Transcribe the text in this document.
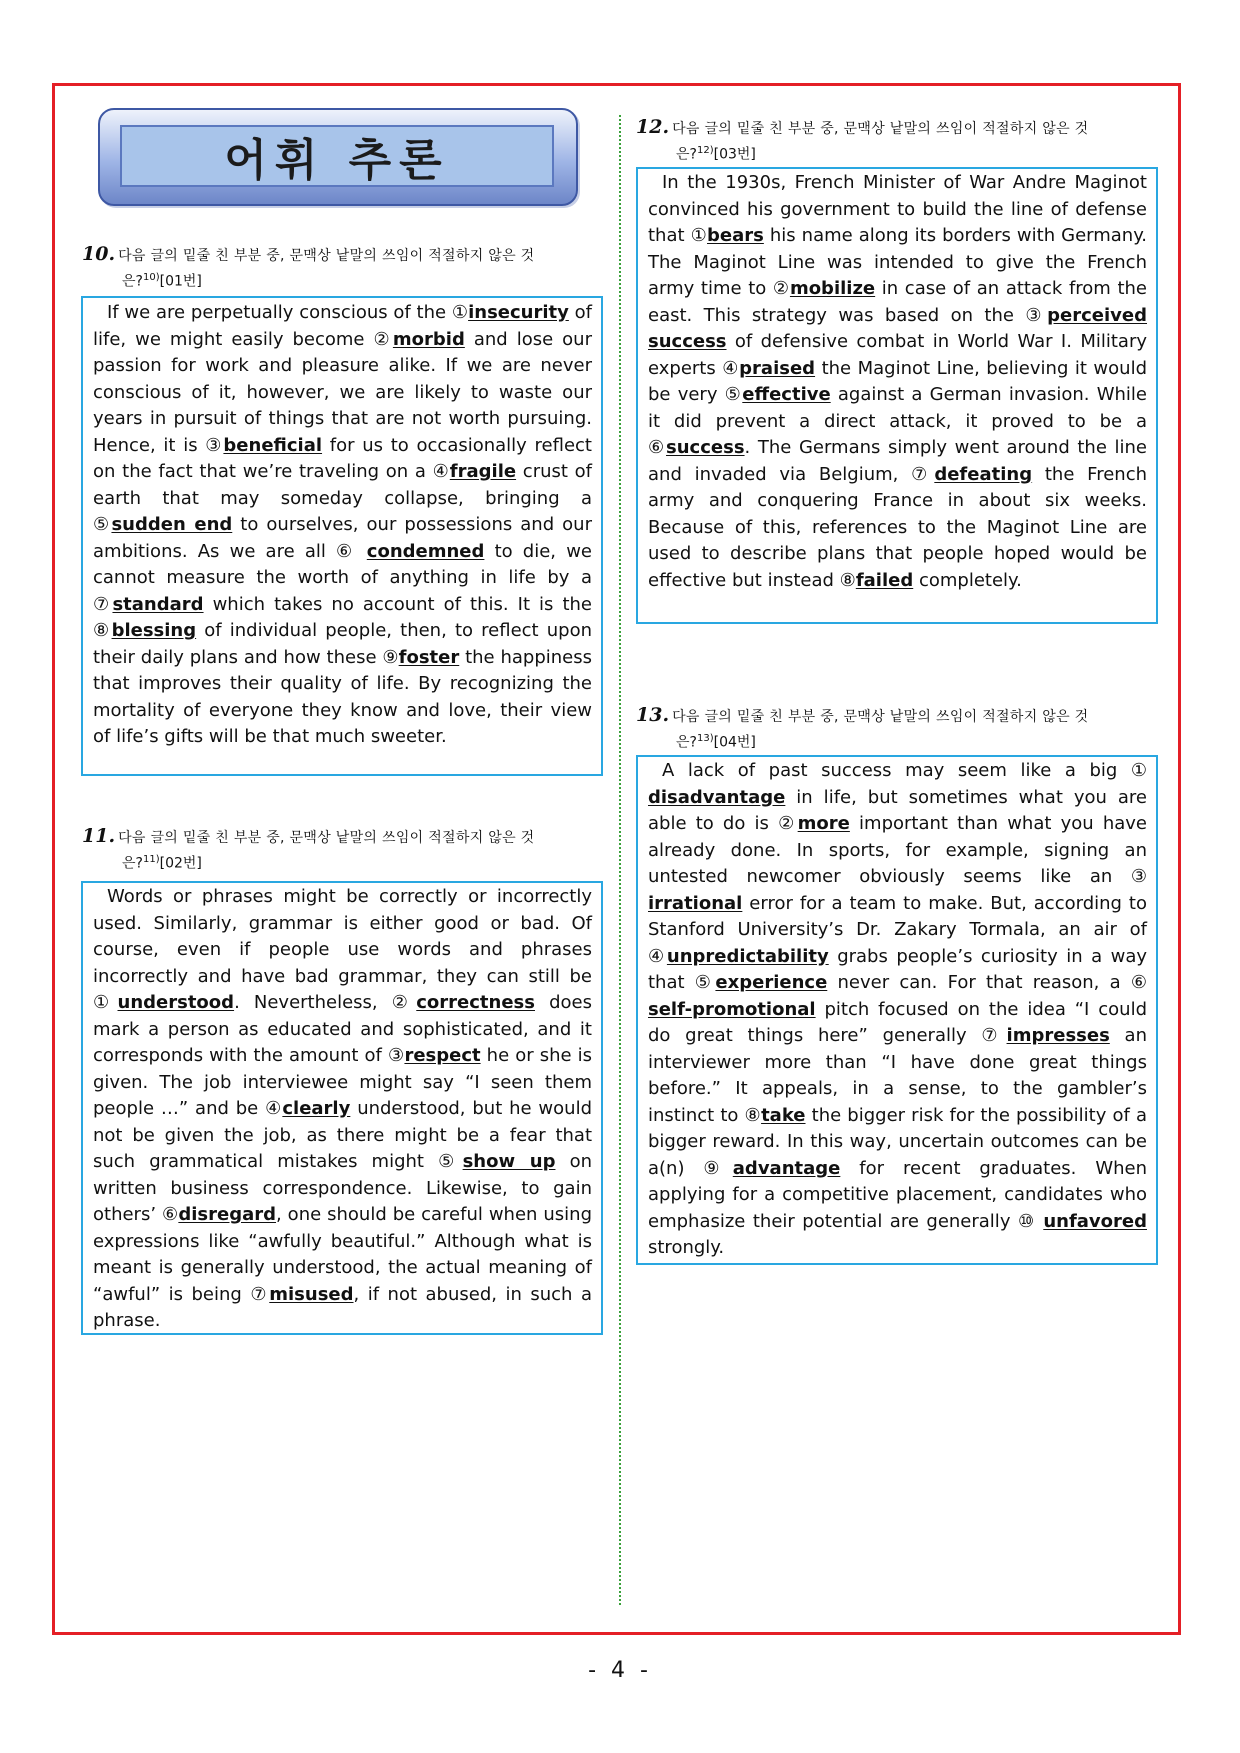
어휘 추론
10. 다음 글의 밑줄 친 부분 중, 문맥상 낱말의 쓰임이 적절하지 않은 것
은?$^{10)}$[01번]

If we are perpetually conscious of the ①insecurity of life, we might easily become ②morbid and lose our passion for work and pleasure alike. If we are never conscious of it, however, we are likely to waste our years in pursuit of things that are not worth pursuing. Hence, it is ③beneficial for us to occasionally reflect on the fact that we’re traveling on a ④fragile crust of earth that may someday collapse, bringing a ⑤sudden end to ourselves, our possessions and our ambitions. As we are all ⑥ condemned to die, we cannot measure the worth of anything in life by a ⑦standard which takes no account of this. It is the ⑧blessing of individual people, then, to reflect upon their daily plans and how these ⑨foster the happiness that improves their quality of life. By recognizing the mortality of everyone they know and love, their view of life’s gifts will be that much sweeter.

11. 다음 글의 밑줄 친 부분 중, 문맥상 낱말의 쓰임이 적절하지 않은 것
은?$^{11)}$[02번]

Words or phrases might be correctly or incorrectly used. Similarly, grammar is either good or bad. Of course, even if people use words and phrases incorrectly and have bad grammar, they can still be ①understood. Nevertheless, ②correctness does mark a person as educated and sophisticated, and it corresponds with the amount of ③respect he or she is given. The job interviewee might say “I seen them people …” and be ④clearly understood, but he would not be given the job, as there might be a fear that such grammatical mistakes might ⑤show up on written business correspondence. Likewise, to gain others’ ⑥disregard, one should be careful when using expressions like “awfully beautiful.” Although what is meant is generally understood, the actual meaning of “awful” is being ⑦misused, if not abused, in such a phrase.

12. 다음 글의 밑줄 친 부분 중, 문맥상 낱말의 쓰임이 적절하지 않은 것
은?$^{12)}$[03번]

In the 1930s, French Minister of War Andre Maginot convinced his government to build the line of defense that ①bears his name along its borders with Germany. The Maginot Line was intended to give the French army time to ②mobilize in case of an attack from the east. This strategy was based on the ③perceived success of defensive combat in World War I. Military experts ④praised the Maginot Line, believing it would be very ⑤effective against a German invasion. While it did prevent a direct attack, it proved to be a ⑥success. The Germans simply went around the line and invaded via Belgium, ⑦defeating the French army and conquering France in about six weeks. Because of this, references to the Maginot Line are used to describe plans that people hoped would be effective but instead ⑧failed completely.

13. 다음 글의 밑줄 친 부분 중, 문맥상 낱말의 쓰임이 적절하지 않은 것
은?$^{13)}$[04번]

A lack of past success may seem like a big ① disadvantage in life, but sometimes what you are able to do is ②more important than what you have already done. In sports, for example, signing an untested newcomer obviously seems like an ③ irrational error for a team to make. But, according to Stanford University’s Dr. Zakary Tormala, an air of ④unpredictability grabs people’s curiosity in a way that ⑤experience never can. For that reason, a ⑥ self-promotional pitch focused on the idea “I could do great things here” generally ⑦impresses an interviewer more than “I have done great things before.” It appeals, in a sense, to the gambler’s instinct to ⑧take the bigger risk for the possibility of a bigger reward. In this way, uncertain outcomes can be a(n) ⑨advantage for recent graduates. When applying for a competitive placement, candidates who emphasize their potential are generally ⑩ unfavored strongly.

- 4 -
